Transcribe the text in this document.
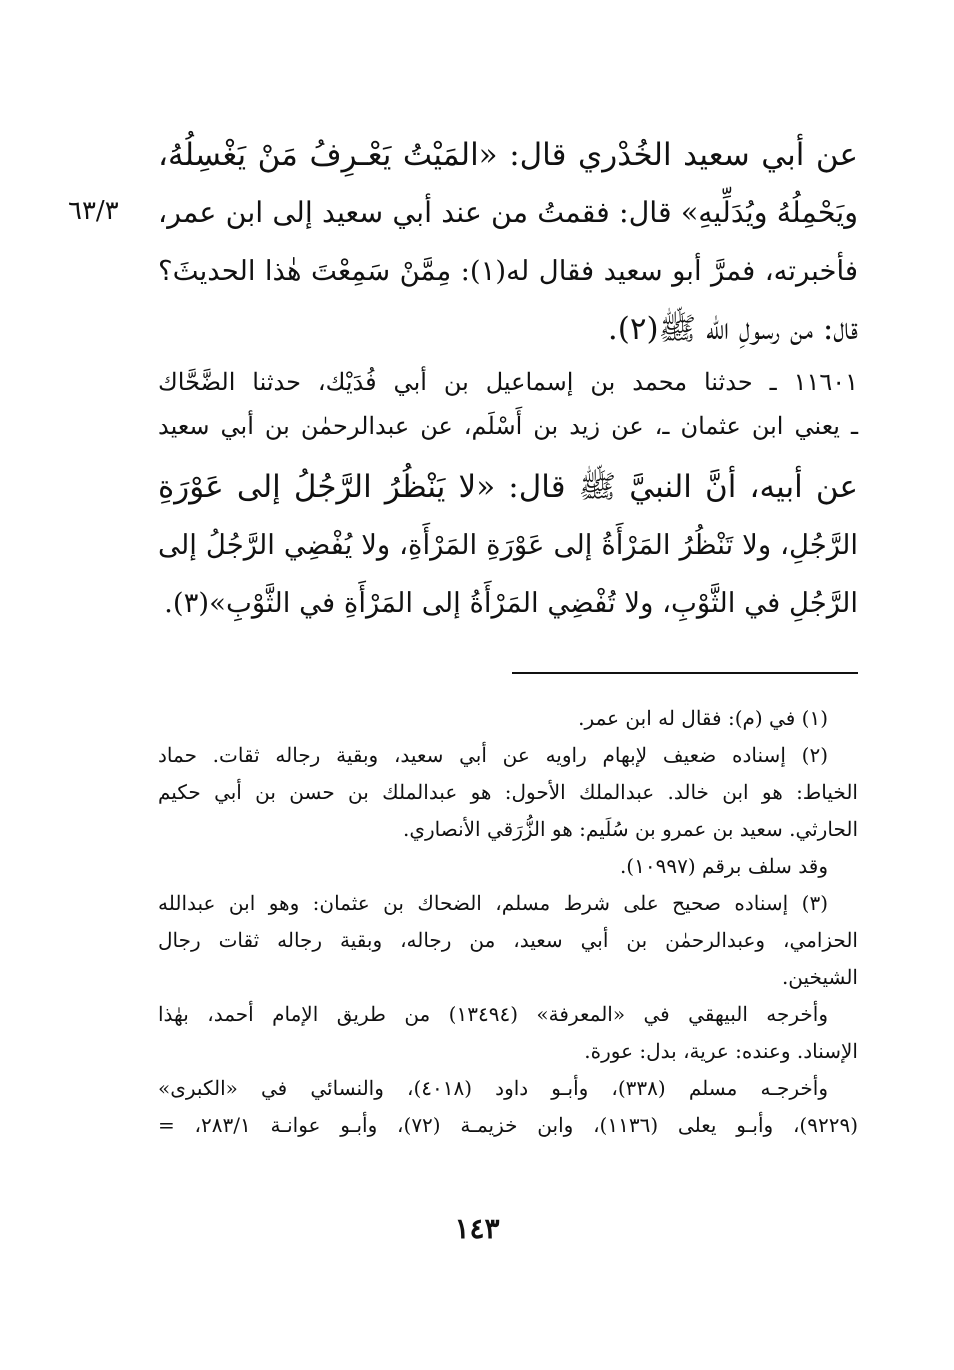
٦٣/٣
عن أبي سعيد الخُدْري قال: «المَيْتُ يَعْـرِفُ مَنْ يَغْسِلُهُ،
ويَحْمِلُهُ ويُدَلِّيهِ» قال: فقمتُ من عند أبي سعيد إلى ابن عمر،
فأخبرته، فمرَّ أبو سعيد فقال له(١): مِمَّنْ سَمِعْتَ هٰذا الحديثَ؟
قال: من رسولِ الله ﷺ(٢).
١١٦٠١ ـ حدثنا محمد بن إسماعيل بن أبي فُدَيْك، حدثنا الضَّحَّاك
ـ يعني ابن عثمان ـ، عن زيد بن أَسْلَم، عن عبدالرحمٰن بن أبي سعيد
عن أبيه، أنَّ النبيَّ ﷺ قال: «لا يَنْظُرُ الرَّجُلُ إلى عَوْرَةِ
الرَّجُلِ، ولا تَنْظُرُ المَرْأَةُ إلى عَوْرَةِ المَرْأَةِ، ولا يُفْضِي الرَّجُلُ إلى
الرَّجُلِ في الثَّوْبِ، ولا تُفْضِي المَرْأَةُ إلى المَرْأَةِ في الثَّوْبِ»(٣).
(١) في (م): فقال له ابن عمر.
(٢) إسناده ضعيف لإبهام راويه عن أبي سعيد، وبقية رجاله ثقات. حماد
الخياط: هو ابن خالد. عبدالملك الأحول: هو عبدالملك بن حسن بن أبي حكيم
الحارثي. سعيد بن عمرو بن سُلَيم: هو الزُّرَقي الأنصاري.
وقد سلف برقم (١٠٩٩٧).
(٣) إسناده صحيح على شرط مسلم، الضحاك بن عثمان: وهو ابن عبدالله
الحزامي، وعبدالرحمٰن بن أبي سعيد، من رجاله، وبقية رجاله ثقات رجال
الشيخين.
وأخرجه البيهقي في «المعرفة» (١٣٤٩٤) من طريق الإمام أحمد، بهٰذا
الإسناد. وعنده: عرية، بدل: عورة.
وأخرجـه مسلم (٣٣٨)، وأبـو داود (٤٠١٨)، والنسائي في «الكبرى»
(٩٢٢٩)، وأبـو يعلى (١١٣٦)، وابن خزيمـة (٧٢)، وأبـو عوانـة ٢٨٣/١، =
١٤٣
